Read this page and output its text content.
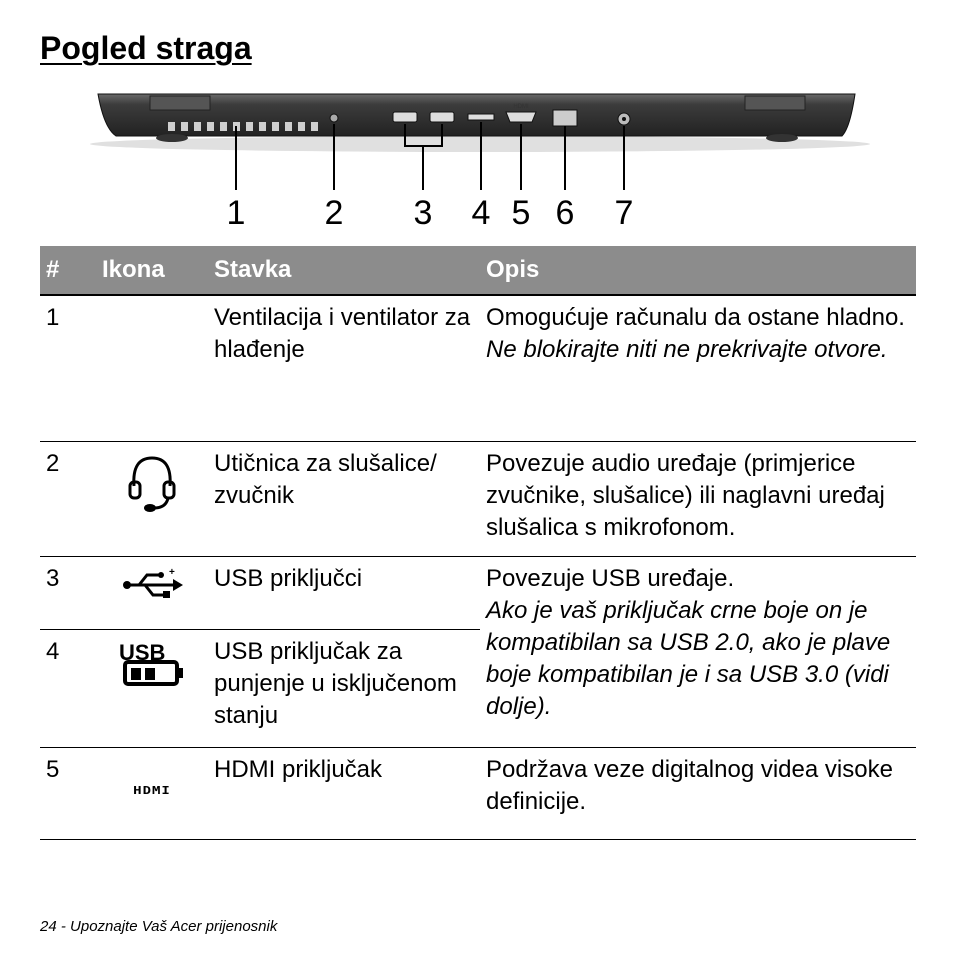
Pogled straga
HDMI
1 2 3 4 5 6 7
#	Ikona	Stavka	Opis
1		Ventilacija i ventilator za hlađenje	Omogućuje računalu da ostane hladno.
Ne blokirajte niti ne prekrivajte otvore.

2		Utičnica za slušalice/ zvučnik	Povezuje audio uređaje (primjerice zvučnike, slušalice) ili naglavni uređaj slušalica s mikrofonom.

3	+	USB priključci	Povezuje USB uređaje.
Ako je vaš priključak crne boje on je kompatibilan sa USB 2.0, ako je plave boje kompatibilan je i sa USB 3.0 (vidi dolje).

4	USB	USB priključak za punjenje u isključenom stanju	
5	HDMI	HDMI priključak	Podržava veze digitalnog videa visoke definicije.
24 - Upoznajte Vaš Acer prijenosnik
